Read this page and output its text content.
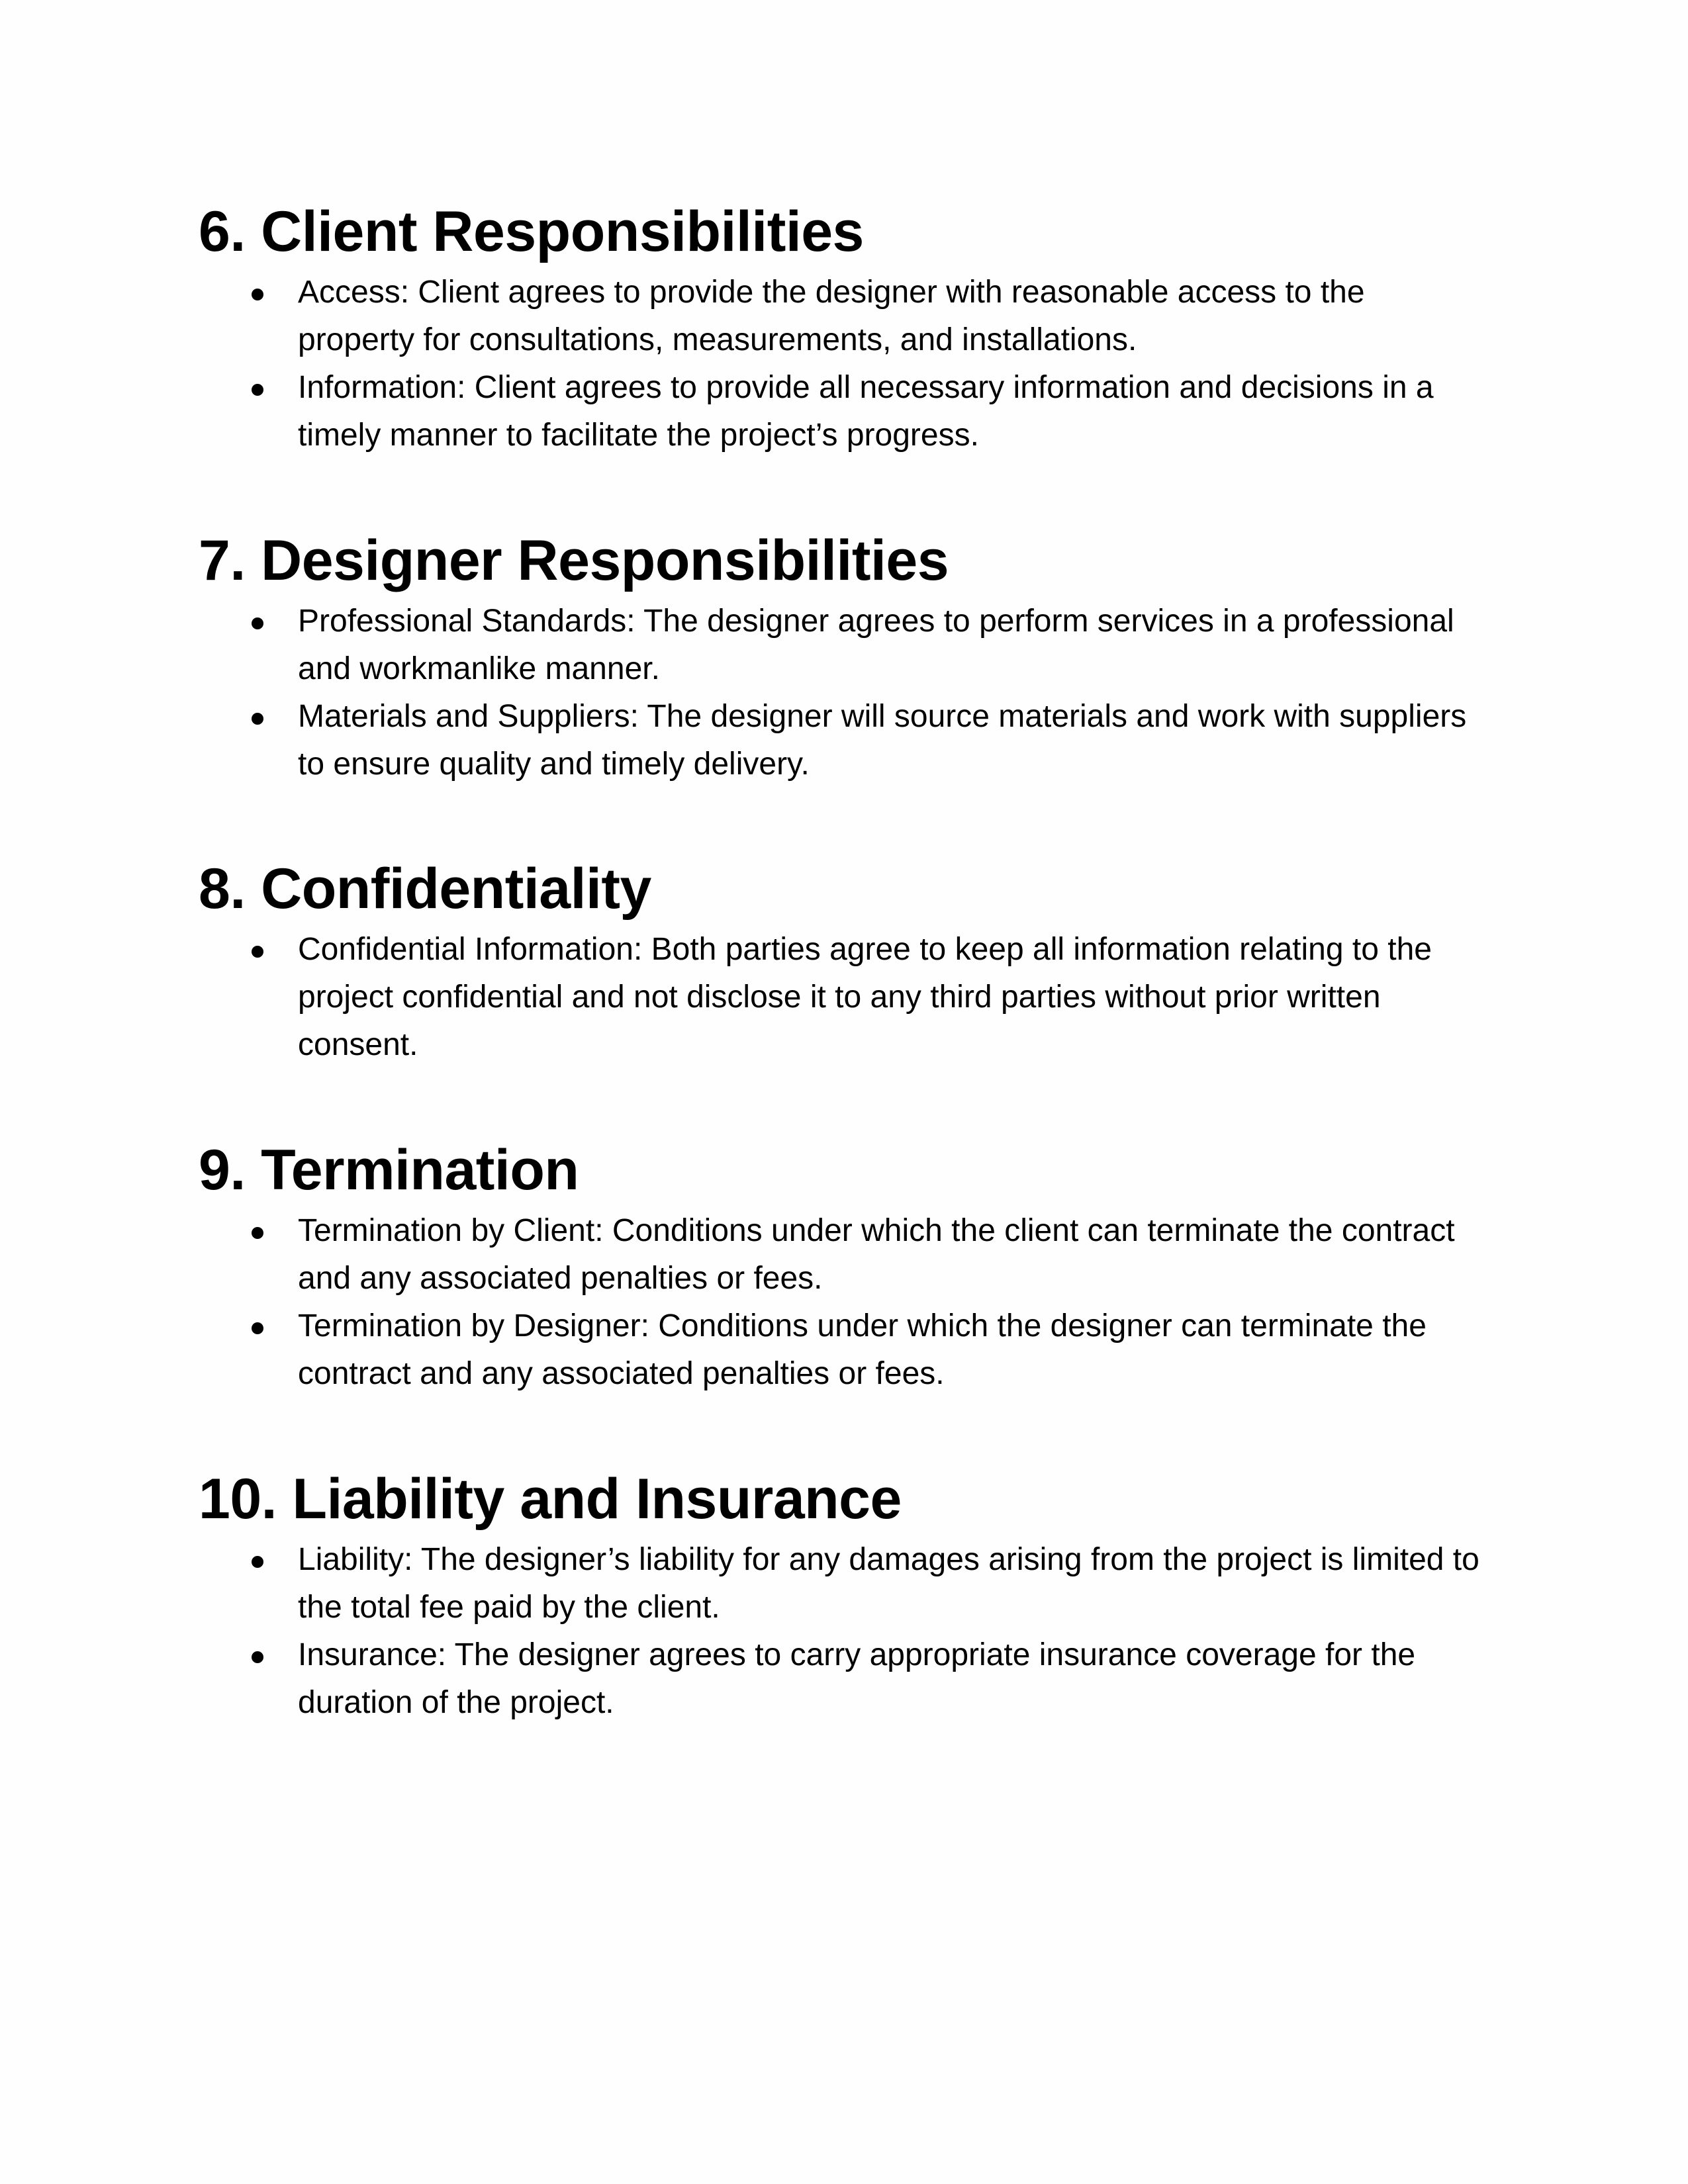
6. Client Responsibilities
Access: Client agrees to provide the designer with reasonable access to the property for consultations, measurements, and installations.
Information: Client agrees to provide all necessary information and decisions in a timely manner to facilitate the project’s progress.
7. Designer Responsibilities
Professional Standards: The designer agrees to perform services in a professional and workmanlike manner.
Materials and Suppliers: The designer will source materials and work with suppliers to ensure quality and timely delivery.
8. Confidentiality
Confidential Information: Both parties agree to keep all information relating to the project confidential and not disclose it to any third parties without prior written consent.
9. Termination
Termination by Client: Conditions under which the client can terminate the contract and any associated penalties or fees.
Termination by Designer: Conditions under which the designer can terminate the contract and any associated penalties or fees.
10. Liability and Insurance
Liability: The designer’s liability for any damages arising from the project is limited to the total fee paid by the client.
Insurance: The designer agrees to carry appropriate insurance coverage for the duration of the project.
